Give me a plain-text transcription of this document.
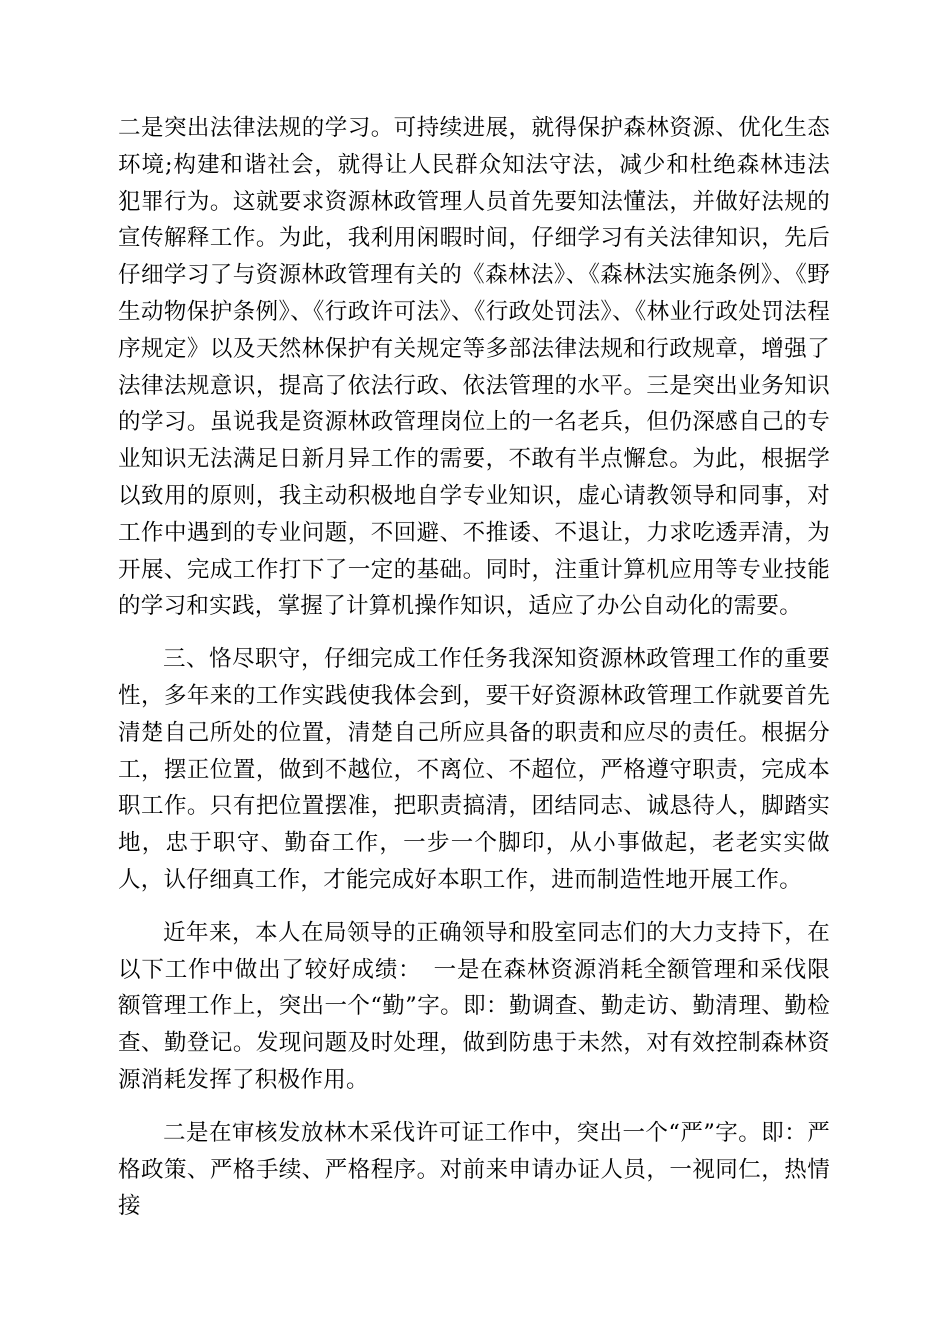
二是突出法律法规的学习。可持续进展，就得保护森林资源、优化生态环境;构建和谐社会，就得让人民群众知法守法，减少和杜绝森林违法犯罪行为。这就要求资源林政管理人员首先要知法懂法，并做好法规的宣传解释工作。为此，我利用闲暇时间，仔细学习有关法律知识，先后仔细学习了与资源林政管理有关的《森林法》、《森林法实施条例》、《野生动物保护条例》、《行政许可法》、《行政处罚法》、《林业行政处罚法程序规定》以及天然林保护有关规定等多部法律法规和行政规章，增强了法律法规意识，提高了依法行政、依法管理的水平。三是突出业务知识的学习。虽说我是资源林政管理岗位上的一名老兵，但仍深感自己的专业知识无法满足日新月异工作的需要，不敢有半点懈怠。为此，根据学以致用的原则，我主动积极地自学专业知识，虚心请教领导和同事，对工作中遇到的专业问题，不回避、不推诿、不退让，力求吃透弄清，为开展、完成工作打下了一定的基础。同时，注重计算机应用等专业技能的学习和实践，掌握了计算机操作知识，适应了办公自动化的需要。

三、恪尽职守，仔细完成工作任务我深知资源林政管理工作的重要性，多年来的工作实践使我体会到，要干好资源林政管理工作就要首先清楚自己所处的位置，清楚自己所应具备的职责和应尽的责任。根据分工，摆正位置，做到不越位，不离位、不超位，严格遵守职责，完成本职工作。只有把位置摆准，把职责搞清，团结同志、诚恳待人，脚踏实地，忠于职守、勤奋工作，一步一个脚印，从小事做起，老老实实做人，认仔细真工作，才能完成好本职工作，进而制造性地开展工作。

近年来，本人在局领导的正确领导和股室同志们的大力支持下，在以下工作中做出了较好成绩：　一是在森林资源消耗全额管理和采伐限额管理工作上，突出一个“勤”字。即：勤调查、勤走访、勤清理、勤检查、勤登记。发现问题及时处理，做到防患于未然，对有效控制森林资源消耗发挥了积极作用。

二是在审核发放林木采伐许可证工作中，突出一个“严”字。即：严格政策、严格手续、严格程序。对前来申请办证人员，一视同仁，热情接
